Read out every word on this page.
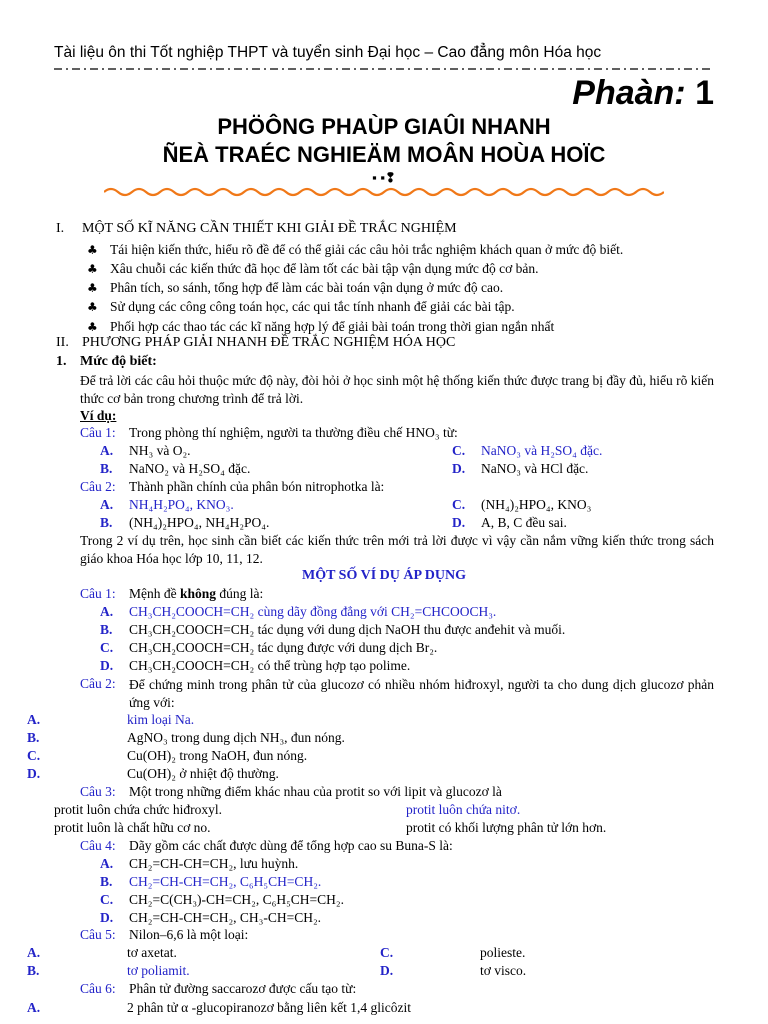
Tài liệu ôn thi Tốt nghiệp THPT và tuyển sinh Đại học – Cao đẳng môn Hóa học
Phaàn: 1
PHÖÔNG PHAÙP GIAÛI NHANH
ÑEÀ TRAÉC NGHIEÄM MOÂN HOÙA HOÏC
▪ ▪❢
I. MỘT SỐ KĨ NĂNG CẦN THIẾT KHI GIẢI ĐỀ TRẮC NGHIỆM
♣ Tái hiện kiến thức, hiểu rõ đề để có thể giải các câu hỏi trắc nghiệm khách quan ở mức độ biết.
♣ Xâu chuỗi các kiến thức đã học để làm tốt các bài tập vận dụng mức độ cơ bản.
♣ Phân tích, so sánh, tổng hợp để làm các bài toán vận dụng ở mức độ cao.
♣ Sử dụng các công công toán học, các qui tắc tính nhanh để giải các bài tập.
♣ Phối hợp các thao tác các kĩ năng hợp lý để giải bài toán trong thời gian ngắn nhất
II. PHƯƠNG PHÁP GIẢI NHANH ĐỀ TRẮC NGHIỆM HÓA HỌC
1. Mức độ biết:
Để trả lời các câu hỏi thuộc mức độ này, đòi hỏi ở học sinh một hệ thống kiến thức được trang bị đầy đủ, hiểu rõ kiến thức cơ bản trong chương trình để trả lời.
Ví dụ:
Câu 1: Trong phòng thí nghiệm, người ta thường điều chế HNO₃ từ:
A. NH₃ và O₂.	C. NaNO₃ và H₂SO₄ đặc.
B. NaNO₂ và H₂SO₄ đặc.	D. NaNO₃ và HCl đặc.
Câu 2: Thành phần chính của phân bón nitrophotka là:
A. NH₄H₂PO₄, KNO₃.	C. (NH₄)₂HPO₄, KNO₃
B. (NH₄)₂HPO₄, NH₄H₂PO₄.	D. A, B, C đều sai.
Trong 2 ví dụ trên, học sinh cần biết các kiến thức trên mới trả lời được vì vậy cần nắm vững kiến thức trong sách giáo khoa Hóa học lớp 10, 11, 12.
MỘT SỐ VÍ DỤ ÁP DỤNG
Câu 1: Mệnh đề không đúng là:
A. CH₃CH₂COOCH=CH₂ cùng dãy đồng đẳng với CH₂=CHCOOCH₃.
B. CH₃CH₂COOCH=CH₂ tác dụng với dung dịch NaOH thu được anđehit và muối.
C. CH₃CH₂COOCH=CH₂ tác dụng được với dung dịch Br₂.
D. CH₃CH₂COOCH=CH₂ có thể trùng hợp tạo polime.
Câu 2: Để chứng minh trong phân tử của glucozơ có nhiều nhóm hiđroxyl, người ta cho dung dịch glucozơ phản ứng với:
A.	kim loại Na.
B.	AgNO₃ trong dung dịch NH₃, đun nóng.
C.	Cu(OH)₂ trong NaOH, đun nóng.
D.	Cu(OH)₂ ở nhiệt độ thường.
Câu 3: Một trong những điểm khác nhau của protit so với lipit và glucozơ là
protit luôn chứa chức hiđroxyl.	protit luôn chứa nitơ.
protit luôn là chất hữu cơ no.	protit có khối lượng phân tử lớn hơn.
Câu 4: Dãy gồm các chất được dùng để tổng hợp cao su Buna-S là:
A. CH₂=CH-CH=CH₂, lưu huỳnh.
B. CH₂=CH-CH=CH₂, C₆H₅CH=CH₂.
C. CH₂=C(CH₃)-CH=CH₂, C₆H₅CH=CH₂.
D. CH₂=CH-CH=CH₂, CH₃-CH=CH₂.
Câu 5: Nilon–6,6 là một loại:
A.	tơ axetat.	C.	polieste.
B.	tơ poliamit.	D.	tơ visco.
Câu 6: Phân tử đường saccarozơ được cấu tạo từ:
A.	2 phân tử α -glucopiranozơ bằng liên kết 1,4 glicôzit
